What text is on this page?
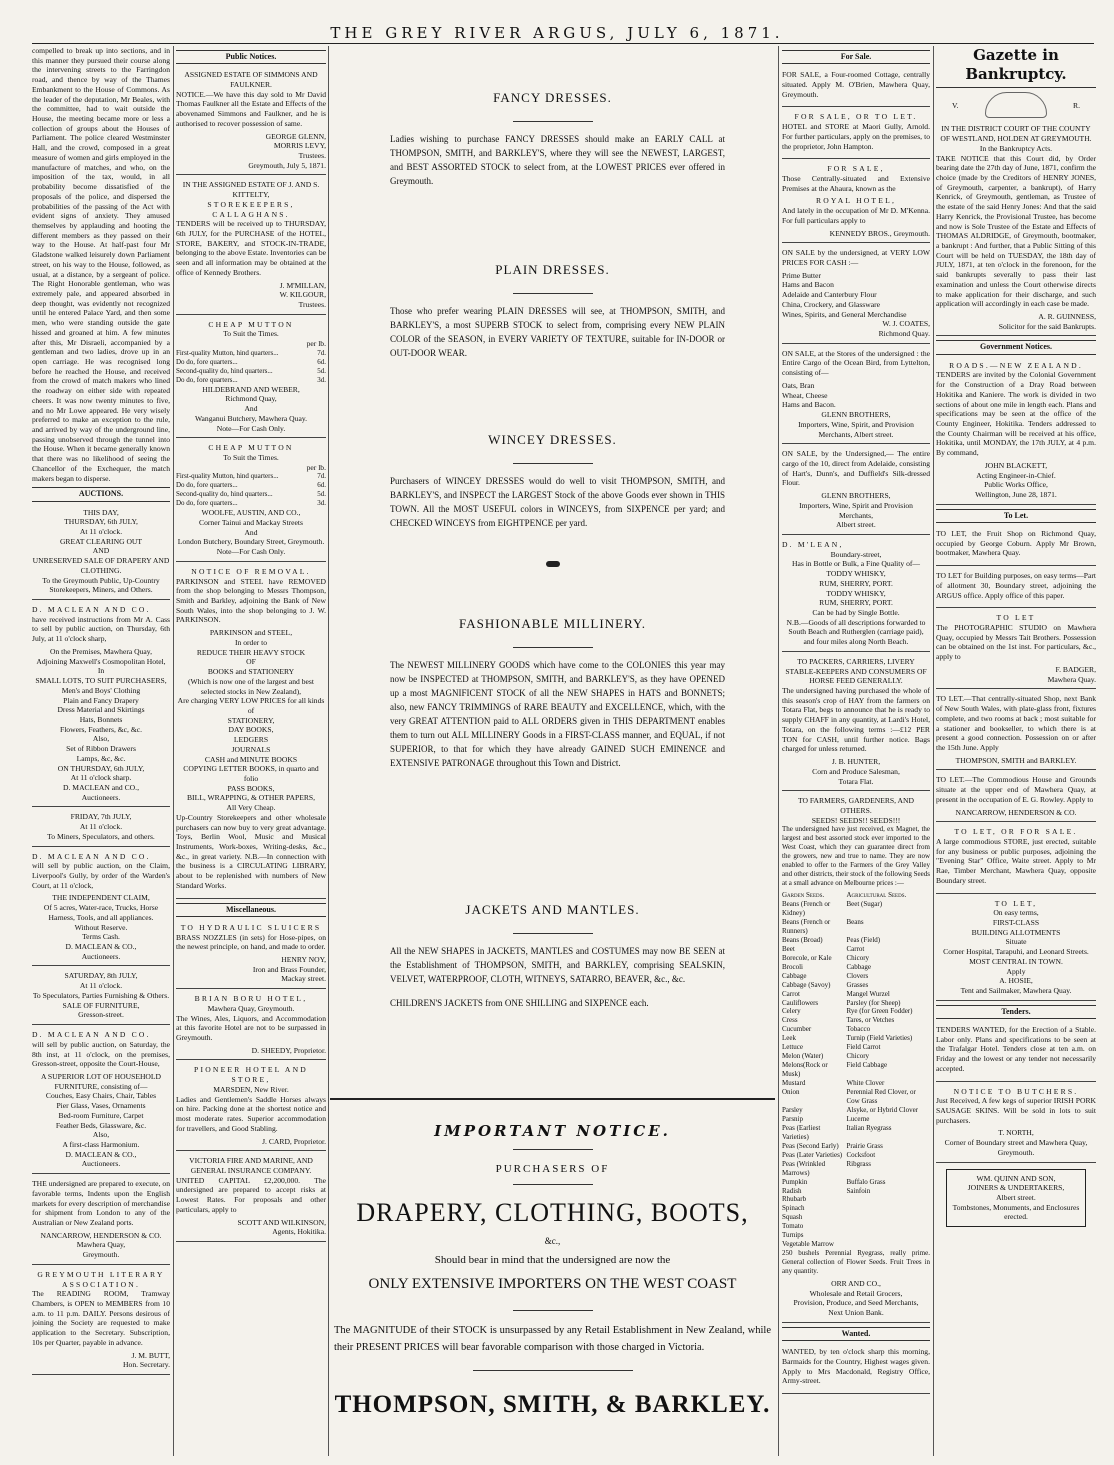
THE GREY RIVER ARGUS, JULY 6, 1871.

compelled to break up into sections, and in this manner they pursued their course along the intervening streets to the Farringdon road, and thence by way of the Thames Embankment to the House of Commons. As the leader of the deputation, Mr Beales, with the committee, had to wait outside the House, the meeting became more or less a collection of groups about the Houses of Parliament. The police cleared Westminster Hall, and the crowd, composed in a great measure of women and girls employed in the manufacture of matches, and who, on the imposition of the tax, would, in all probability become dissatisfied of the proposals of the police, and dispersed the probabilities of the passing of the Act with evident signs of anxiety. They amused themselves by applauding and hooting the different members as they passed on their way to the House. At half-past four Mr Gladstone walked leisurely down Parliament street, on his way to the House, followed, as usual, at a distance, by a sergeant of police. The Right Honorable gentleman, who was extremely pale, and appeared absorbed in deep thought, was evidently not recognized until he entered Palace Yard, and then some men, who were standing outside the gate hissed and groaned at him. A few minutes after this, Mr Disraeli, accompanied by a gentleman and two ladies, drove up in an open carriage. He was recognised long before he reached the House, and received from the crowd of match makers who lined the roadway on either side with repeated cheers. It was now twenty minutes to five, and no Mr Lowe appeared. He very wisely preferred to make an exception to the rule, and arrived by way of the underground line, passing unobserved through the tunnel into the House. When it became generally known that there was no likelihood of seeing the Chancellor of the Exchequer, the match makers began to disperse.

AUCTIONS.
THIS DAY,
THURSDAY, 6th JULY,
At 11 o'clock.
GREAT CLEARING OUT
AND
UNRESERVED SALE OF DRAPERY AND CLOTHING.
To the Greymouth Public, Up-Country Storekeepers, Miners, and Others.
D. MACLEAN AND CO.

have received instructions from Mr A. Cass to sell by public auction, on Thursday, 6th July, at 11 o'clock sharp,

On the Premises, Mawhera Quay,
Adjoining Maxwell's Cosmopolitan Hotel,
In
SMALL LOTS, TO SUIT PURCHASERS,
Men's and Boys' Clothing
Plain and Fancy Drapery
Dress Material and Skirtings
Hats, Bonnets
Flowers, Feathers, &c, &c.
Also,
Set of Ribbon Drawers
Lamps, &c, &c.
ON THURSDAY, 6th JULY,
At 11 o'clock sharp.
D. MACLEAN and CO.,
Auctioneers.
FRIDAY, 7th JULY,
At 11 o'clock.
To Miners, Speculators, and others.
D. MACLEAN AND CO.

will sell by public auction, on the Claim, Liverpool's Gully, by order of the Warden's Court, at 11 o'clock,

THE INDEPENDENT CLAIM,
Of 5 acres, Water-race, Trucks, Horse Harness, Tools, and all appliances.
Without Reserve.
Terms Cash.
D. MACLEAN & CO.,
Auctioneers.
SATURDAY, 8th JULY,
At 11 o'clock.
To Speculators, Parties Furnishing & Others.
SALE OF FURNITURE,
Gresson-street.
D. MACLEAN AND CO.

will sell by public auction, on Saturday, the 8th inst, at 11 o'clock, on the premises, Gresson-street, opposite the Court-House,

A SUPERIOR LOT OF HOUSEHOLD FURNITURE, consisting of—
Couches, Easy Chairs, Chair, Tables
Pier Glass, Vases, Ornaments
Bed-room Furniture, Carpet
Feather Beds, Glassware, &c.
Also,
A first-class Harmonium.
D. MACLEAN & CO.,
Auctioneers.

THE undersigned are prepared to execute, on favorable terms, Indents upon the English markets for every description of merchandise for shipment from London to any of the Australian or New Zealand ports.

NANCARROW, HENDERSON & CO.
Mawhera Quay,
Greymouth.
GREYMOUTH LITERARY ASSOCIATION.

The READING ROOM, Tramway Chambers, is OPEN to MEMBERS from 10 a.m. to 11 p.m. DAILY. Persons desirous of joining the Society are requested to make application to the Secretary. Subscription, 10s per Quarter, payable in advance.

J. M. BUTT,
Hon. Secretary.
Public Notices.
ASSIGNED ESTATE OF SIMMONS AND FAULKNER.

NOTICE.—We have this day sold to Mr David Thomas Faulkner all the Estate and Effects of the abovenamed Simmons and Faulkner, and he is authorised to recover possession of same.

GEORGE GLENN,
MORRIS LEVY,
Trustees.
Greymouth, July 5, 1871.
IN THE ASSIGNED ESTATE OF J. AND S. KITTELTY,
STOREKEEPERS, CALLAGHANS.

TENDERS will be received up to THURSDAY, 6th JULY, for the PURCHASE of the HOTEL, STORE, BAKERY, and STOCK-IN-TRADE, belonging to the above Estate. Inventories can be seen and all information may be obtained at the office of Kennedy Brothers.

J. M'MILLAN,
W. KILGOUR,
Trustees.
CHEAP MUTTON
To Suit the Times.
per lb.
First-quality Mutton, hind quarters...	7d.
Do do, fore quarters...	6d.
Second-quality do, hind quarters...	5d.
Do do, fore quarters...	3d.
HILDEBRAND AND WEBER,
Richmond Quay,
And
Wanganui Butchery, Mawhera Quay.
Note—For Cash Only.
CHEAP MUTTON
To Suit the Times.
per lb.
First-quality Mutton, hind quarters...	7d.
Do do, fore quarters...	6d.
Second-quality do, hind quarters...	5d.
Do do, fore quarters...	3d.
WOOLFE, AUSTIN, AND CO.,
Corner Tainui and Mackay Streets
And
London Butchery, Boundary Street, Greymouth.
Note—For Cash Only.
NOTICE OF REMOVAL.

PARKINSON and STEEL have REMOVED from the shop belonging to Messrs Thompson, Smith and Barkley, adjoining the Bank of New South Wales, into the shop belonging to J. W. PARKINSON.

PARKINSON and STEEL,
In order to
REDUCE THEIR HEAVY STOCK
OF
BOOKS and STATIONERY
(Which is now one of the largest and best selected stocks in New Zealand),
Are charging VERY LOW PRICES for all kinds of
STATIONERY,
DAY BOOKS,
LEDGERS
JOURNALS
CASH and MINUTE BOOKS
COPYING LETTER BOOKS, in quarto and folio
PASS BOOKS,
BILL, WRAPPING, & OTHER PAPERS,
All Very Cheap.

Up-Country Storekeepers and other wholesale purchasers can now buy to very great advantage. Toys, Berlin Wool, Music and Musical Instruments, Work-boxes, Writing-desks, &c., &c., in great variety. N.B.—In connection with the business is a CIRCULATING LIBRARY, about to be replenished with numbers of New Standard Works.

Miscellaneous.
TO HYDRAULIC SLUICERS

BRASS NOZZLES (in sets) for Hose-pipes, on the newest principle, on hand, and made to order.

HENRY NOY,
Iron and Brass Founder,
Mackay street.
BRIAN BORU HOTEL,
Mawhera Quay, Greymouth.

The Wines, Ales, Liquors, and Accommodation at this favorite Hotel are not to be surpassed in Greymouth.

D. SHEEDY, Proprietor.
PIONEER HOTEL AND STORE,
MARSDEN, New River.

Ladies and Gentlemen's Saddle Horses always on hire. Packing done at the shortest notice and most moderate rates. Superior accommodation for travellers, and Good Stabling.

J. CARD, Proprietor.
VICTORIA FIRE AND MARINE, AND GENERAL INSURANCE COMPANY.

UNITED CAPITAL £2,200,000. The undersigned are prepared to accept risks at Lowest Rates. For proposals and other particulars, apply to

SCOTT AND WILKINSON,
Agents, Hokitika.
FANCY DRESSES.
Ladies wishing to purchase FANCY DRESSES should make an EARLY CALL at THOMPSON, SMITH, and BARKLEY'S, where they will see the NEWEST, LARGEST, and BEST ASSORTED STOCK to select from, at the LOWEST PRICES ever offered in Greymouth.
PLAIN DRESSES.
Those who prefer wearing PLAIN DRESSES will see, at THOMPSON, SMITH, and BARKLEY'S, a most SUPERB STOCK to select from, comprising every NEW PLAIN COLOR of the SEASON, in EVERY VARIETY OF TEXTURE, suitable for IN-DOOR or OUT-DOOR WEAR.
WINCEY DRESSES.
Purchasers of WINCEY DRESSES would do well to visit THOMPSON, SMITH, and BARKLEY'S, and INSPECT the LARGEST Stock of the above Goods ever shown in THIS TOWN. All the MOST USEFUL colors in WINCEYS, from SIXPENCE per yard; and CHECKED WINCEYS from EIGHTPENCE per yard.
FASHIONABLE MILLINERY.
The NEWEST MILLINERY GOODS which have come to the COLONIES this year may now be INSPECTED at THOMPSON, SMITH, and BARKLEY'S, as they have OPENED up a most MAGNIFICENT STOCK of all the NEW SHAPES in HATS and BONNETS; also, new FANCY TRIMMINGS of RARE BEAUTY and EXCELLENCE, which, with the very GREAT ATTENTION paid to ALL ORDERS given in THIS DEPARTMENT enables them to turn out ALL MILLINERY Goods in a FIRST-CLASS manner, and EQUAL, if not SUPERIOR, to that for which they have already GAINED SUCH EMINENCE and EXTENSIVE PATRONAGE throughout this Town and District.
JACKETS AND MANTLES.
All the NEW SHAPES in JACKETS, MANTLES and COSTUMES may now BE SEEN at the Establishment of THOMPSON, SMITH, and BARKLEY, comprising SEALSKIN, VELVET, WATERPROOF, CLOTH, WITNEYS, SATARRO, BEAVER, &c., &c.
CHILDREN'S JACKETS from ONE SHILLING and SIXPENCE each.
IMPORTANT NOTICE.
PURCHASERS OF
DRAPERY, CLOTHING, BOOTS,
&c.,
Should bear in mind that the undersigned are now the
ONLY EXTENSIVE IMPORTERS ON THE WEST COAST
The MAGNITUDE of their STOCK is unsurpassed by any Retail Establishment in New Zealand, while their PRESENT PRICES will bear favorable comparison with those charged in Victoria.
THOMPSON, SMITH, & BARKLEY.
For Sale.

FOR SALE, a Four-roomed Cottage, centrally situated. Apply M. O'Brien, Mawhera Quay, Greymouth.

FOR SALE, OR TO LET.

HOTEL and STORE at Maori Gully, Arnold. For further particulars, apply on the premises, to the proprietor, John Hampton.

FOR SALE,

Those Centrally-situated and Extensive Premises at the Ahaura, known as the

ROYAL HOTEL,

And lately in the occupation of Mr D. M'Kenna. For full particulars apply to

KENNEDY BROS., Greymouth.

ON SALE by the undersigned, at VERY LOW PRICES FOR CASH :—

Prime Butter
Hams and Bacon
Adelaide and Canterbury Flour
China, Crockery, and Glassware
Wines, Spirits, and General Merchandise
W. J. COATES,
Richmond Quay.

ON SALE, at the Stores of the undersigned : the Entire Cargo of the Ocean Bird, from Lyttelton, consisting of—

Oats, Bran
Wheat, Cheese
Hams and Bacon.
GLENN BROTHERS,
Importers, Wine, Spirit, and Provision Merchants, Albert street.

ON SALE, by the Undersigned,— The entire cargo of the 10, direct from Adelaide, consisting of Hart's, Dunn's, and Duffield's Silk-dressed Flour.

GLENN BROTHERS,
Importers, Wine, Spirit and Provision Merchants,
Albert street.
D. M'LEAN,
Boundary-street,
Has in Bottle or Bulk, a Fine Quality of—
TODDY WHISKY,
RUM, SHERRY, PORT.
TODDY WHISKY,
RUM, SHERRY, PORT.
Can be had by Single Bottle.
N.B.—Goods of all descriptions forwarded to South Beach and Rutherglen (carriage paid), and four miles along North Beach.
TO PACKERS, CARRIERS, LIVERY STABLE-KEEPERS AND CONSUMERS OF HORSE FEED GENERALLY.

The undersigned having purchased the whole of this season's crop of HAY from the farmers on Totara Flat, begs to announce that he is ready to supply CHAFF in any quantity, at Lardi's Hotel, Totara, on the following terms :—£12 PER TON for CASH, until further notice. Bags charged for unless returned.

J. B. HUNTER,
Corn and Produce Salesman,
Totara Flat.
TO FARMERS, GARDENERS, AND OTHERS.
SEEDS! SEEDS!! SEEDS!!!

The undersigned have just received, ex Magnet, the largest and best assorted stock ever imported to the West Coast, which they can guarantee direct from the growers, new and true to name. They are now enabled to offer to the Farmers of the Grey Valley and other districts, their stock of the following Seeds at a small advance on Melbourne prices :—

Garden Seeds.	Agricultural Seeds.
Beans (French or Kidney)	Beet (Sugar)
Beans (French or Runners)	Beans
Beans (Broad)	Peas (Field)
Beet	Carrot
Borecole, or Kale	Chicory
Brocoli	Cabbage
Cabbage	Clovers
Cabbage (Savoy)	Grasses
Carrot	Mangel Wurzel
Cauliflowers	Parsley (for Sheep)
Celery	Rye (for Green Fodder)
Cress	Tares, or Vetches
Cucumber	Tobacco
Leek	Turnip (Field Varieties)
Lettuce	Field Carrot
Melon (Water)	Chicory
Melons(Rock or Musk)	Field Cabbage
Mustard	White Clover
Onion	Perennial Red Clover, or Cow Grass
Parsley	Alsyke, or Hybrid Clover
Parsnip	Lucerne
Peas (Earliest Varieties)	Italian Ryegrass
Peas (Second Early)	Prairie Grass
Peas (Later Varieties)	Cocksfoot
Peas (Wrinkled Marrows)	Ribgrass
Pumpkin	Buffalo Grass
Radish	Sainfoin
Rhubarb	
Spinach	
Squash	
Tomato	
Turnips	
Vegetable Marrow	

250 bushels Perennial Ryegrass, really prime. General collection of Flower Seeds. Fruit Trees in any quantity.

ORR AND CO.,
Wholesale and Retail Grocers,
Provision, Produce, and Seed Merchants,
Next Union Bank.
Wanted.

WANTED, by ten o'clock sharp this morning, Barmaids for the Country, Highest wages given. Apply to Mrs Macdonald, Registry Office, Army-street.

Gazette in Bankruptcy.
V.	R.
IN THE DISTRICT COURT OF THE COUNTY OF WESTLAND, HOLDEN AT GREYMOUTH.
In the Bankruptcy Acts.

TAKE NOTICE that this Court did, by Order bearing date the 27th day of June, 1871, confirm the choice (made by the Creditors of HENRY JONES, of Greymouth, carpenter, a bankrupt), of Harry Kenrick, of Greymouth, gentleman, as Trustee of the estate of the said Henry Jones: And that the said Harry Kenrick, the Provisional Trustee, has become and now is Sole Trustee of the Estate and Effects of THOMAS ALDRIDGE, of Greymouth, bootmaker, a bankrupt : And further, that a Public Sitting of this Court will be held on TUESDAY, the 18th day of JULY, 1871, at ten o'clock in the forenoon, for the said bankrupts severally to pass their last examination and unless the Court otherwise directs to make application for their discharge, and such application will accordingly in each case be made.

A. R. GUINNESS,
Solicitor for the said Bankrupts.
Government Notices.
ROADS.—NEW ZEALAND.

TENDERS are invited by the Colonial Government for the Construction of a Dray Road between Hokitika and Kaniere. The work is divided in two sections of about one mile in length each. Plans and specifications may be seen at the office of the County Engineer, Hokitika. Tenders addressed to the County Chairman will be received at his office, Hokitika, until MONDAY, the 17th JULY, at 4 p.m. By command,

JOHN BLACKETT,
Acting Engineer-in-Chief.
Public Works Office,
Wellington, June 28, 1871.
To Let.

TO LET, the Fruit Shop on Richmond Quay, occupied by George Coburn. Apply Mr Brown, bootmaker, Mawhera Quay.

TO LET for Building purposes, on easy terms—Part of allotment 30, Boundary street, adjoining the ARGUS office. Apply office of this paper.

TO LET

The PHOTOGRAPHIC STUDIO on Mawhera Quay, occupied by Messrs Tait Brothers. Possession can be obtained on the 1st inst. For particulars, &c., apply to

F. BADGER,
Mawhera Quay.

TO LET.—That centrally-situated Shop, next Bank of New South Wales, with plate-glass front, fixtures complete, and two rooms at back ; most suitable for a stationer and bookseller, to which there is at present a good connection. Possession on or after the 15th June. Apply

THOMPSON, SMITH and BARKLEY.

TO LET.—The Commodious House and Grounds situate at the upper end of Mawhera Quay, at present in the occupation of E. G. Rowley. Apply to

NANCARROW, HENDERSON & CO.
TO LET, OR FOR SALE.

A large commodious STORE, just erected, suitable for any business or public purposes, adjoining the "Evening Star" Office, Waite street. Apply to Mr Rae, Timber Merchant, Mawhera Quay, opposite Boundary street.

TO LET,
On easy terms,
FIRST-CLASS
BUILDING ALLOTMENTS
Situate
Corner Hospital, Tarapuhi, and Leonard Streets.
MOST CENTRAL IN TOWN.
Apply
A. HOSIE,
Tent and Sailmaker, Mawhera Quay.
Tenders.

TENDERS WANTED, for the Erection of a Stable. Labor only. Plans and specifications to be seen at the Trafalgar Hotel. Tenders close at ten a.m. on Friday and the lowest or any tender not necessarily accepted.

NOTICE TO BUTCHERS.

Just Received, A few kegs of superior IRISH PORK SAUSAGE SKINS. Will be sold in lots to suit purchasers.

T. NORTH,
Corner of Boundary street and Mawhera Quay, Greymouth.
WM. QUINN AND SON,
JOINERS & UNDERTAKERS,
Albert street.
Tombstones, Monuments, and Enclosures erected.
